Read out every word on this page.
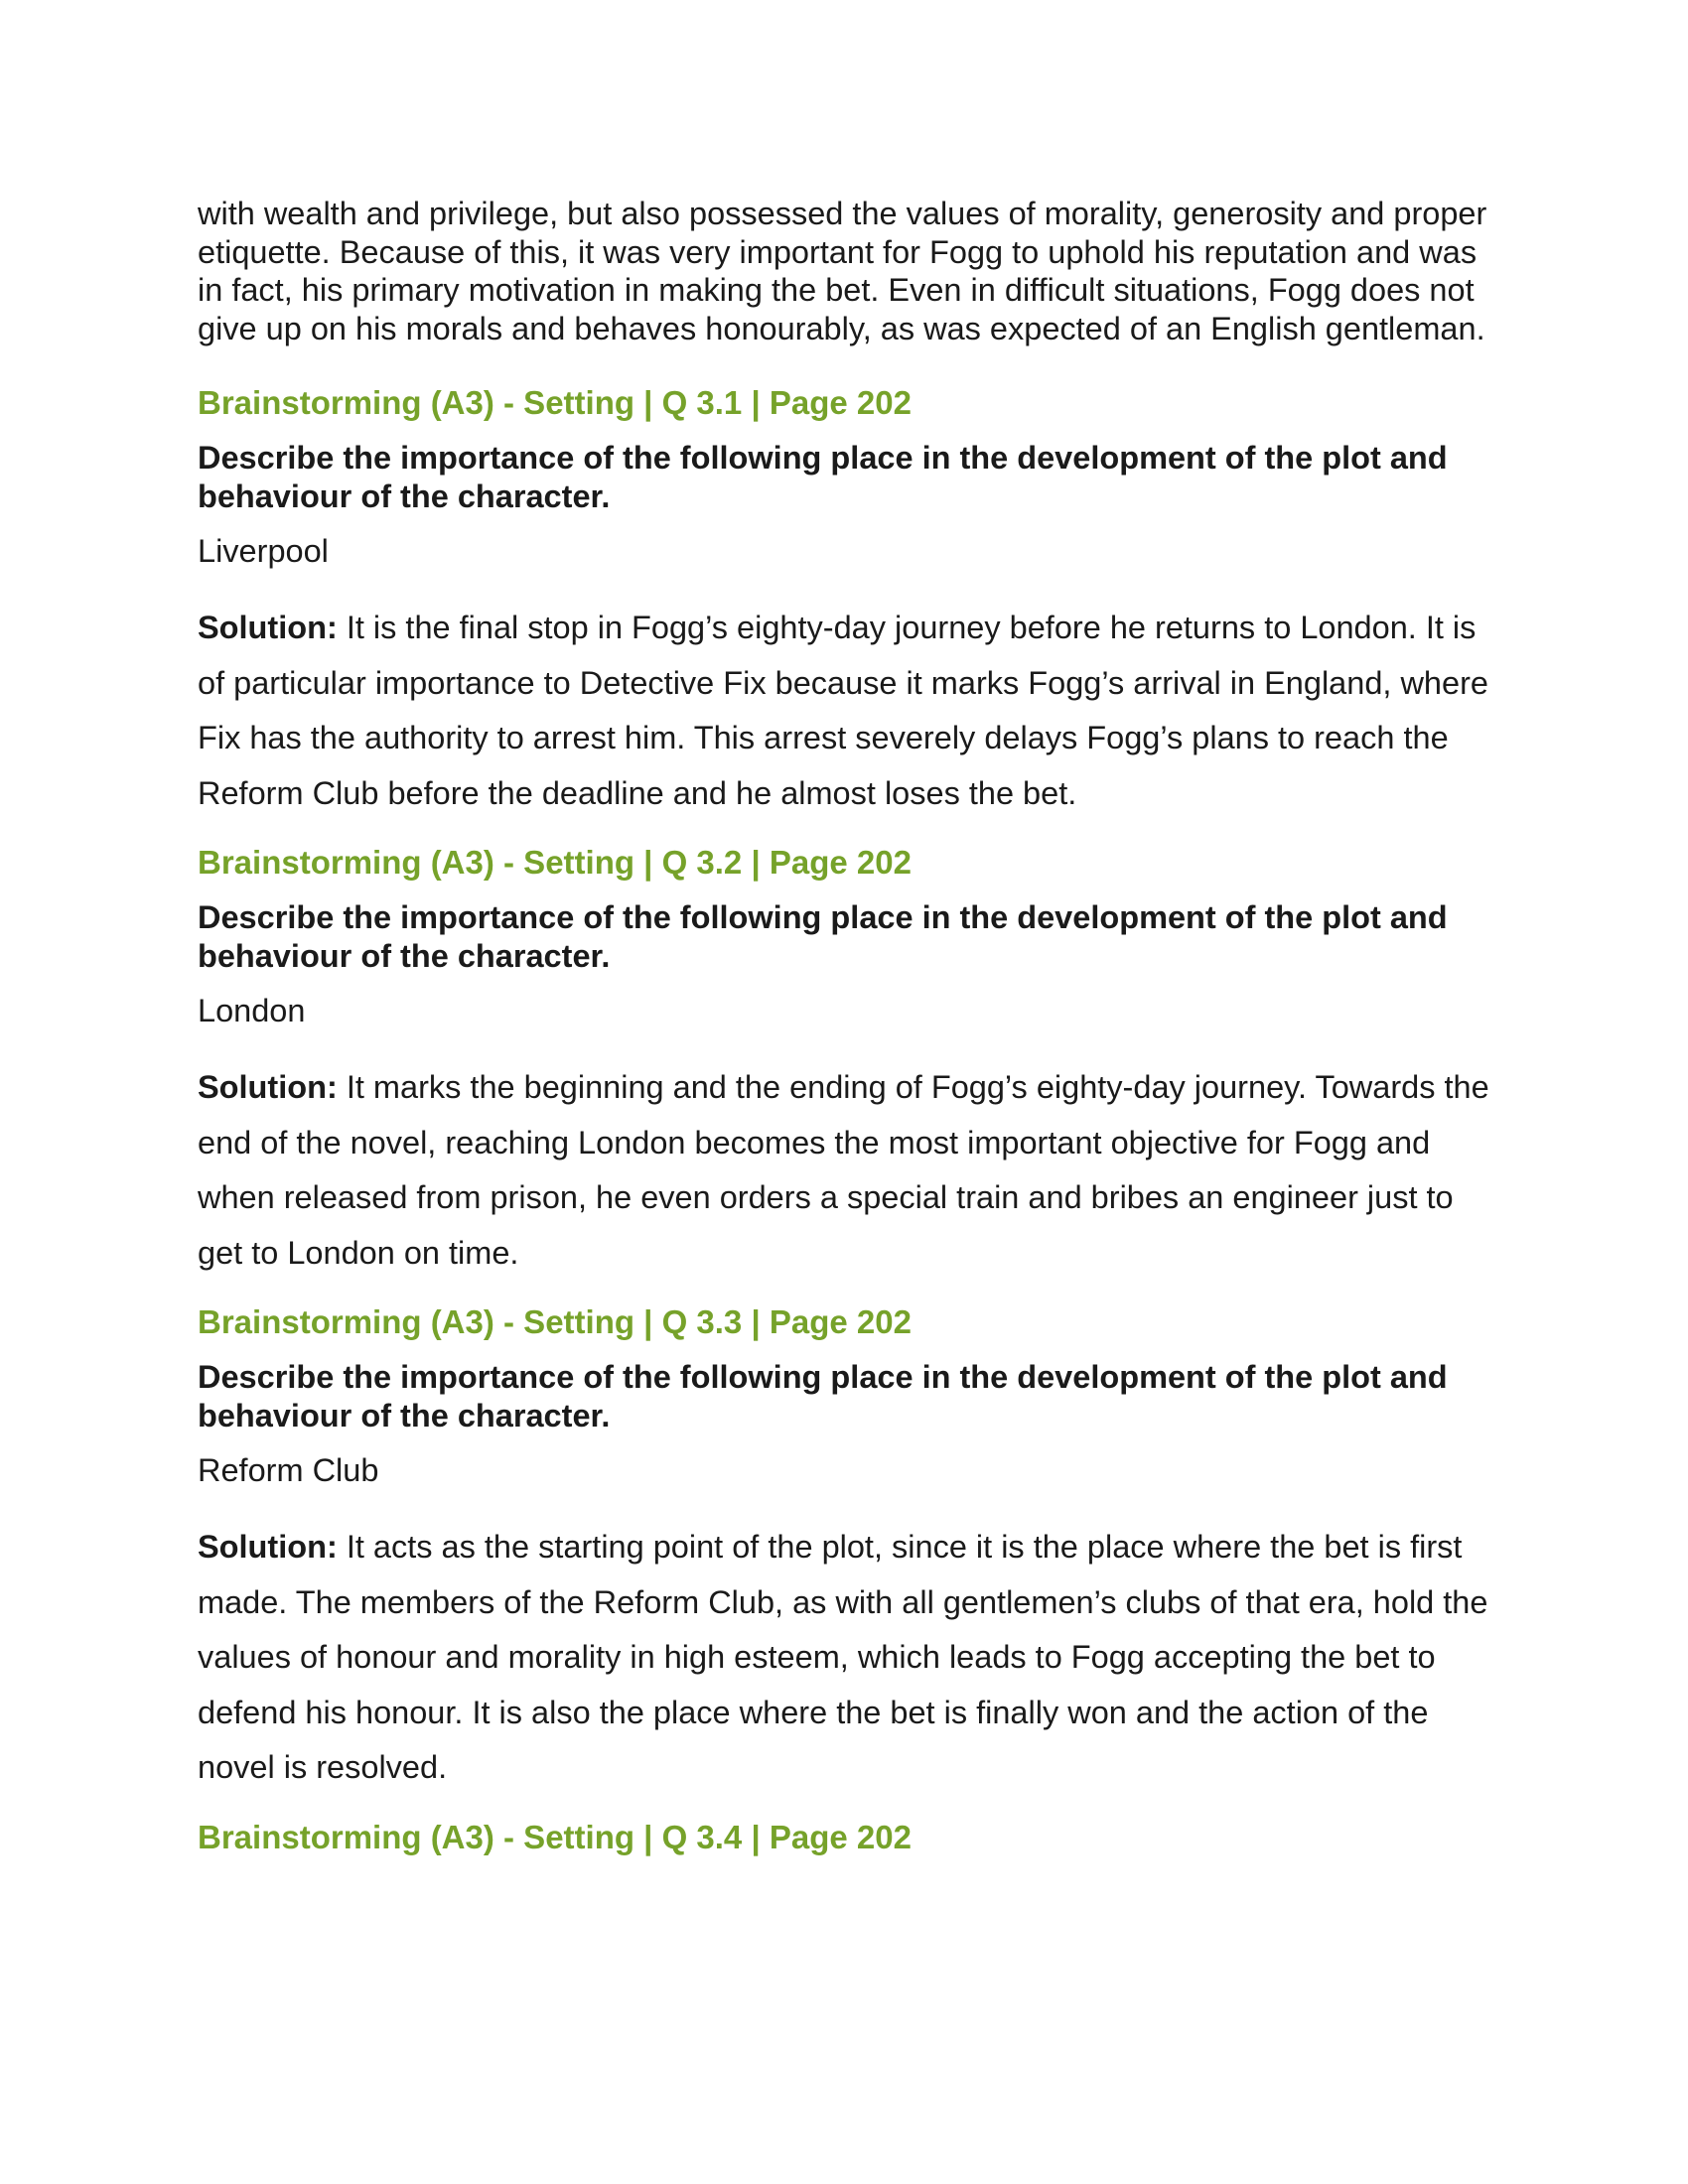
with wealth and privilege, but also possessed the values of morality, generosity and proper etiquette. Because of this, it was very important for Fogg to uphold his reputation and was in fact, his primary motivation in making the bet. Even in difficult situations, Fogg does not give up on his morals and behaves honourably, as was expected of an English gentleman.

Brainstorming (A3) - Setting | Q 3.1 | Page 202
Describe the importance of the following place in the development of the plot and behaviour of the character.
Liverpool

Solution: It is the final stop in Fogg’s eighty-day journey before he returns to London. It is of particular importance to Detective Fix because it marks Fogg’s arrival in England, where Fix has the authority to arrest him. This arrest severely delays Fogg’s plans to reach the Reform Club before the deadline and he almost loses the bet.

Brainstorming (A3) - Setting | Q 3.2 | Page 202
Describe the importance of the following place in the development of the plot and behaviour of the character.
London

Solution: It marks the beginning and the ending of Fogg’s eighty-day journey. Towards the end of the novel, reaching London becomes the most important objective for Fogg and when released from prison, he even orders a special train and bribes an engineer just to get to London on time.

Brainstorming (A3) - Setting | Q 3.3 | Page 202
Describe the importance of the following place in the development of the plot and behaviour of the character.
Reform Club

Solution: It acts as the starting point of the plot, since it is the place where the bet is first made. The members of the Reform Club, as with all gentlemen’s clubs of that era, hold the values of honour and morality in high esteem, which leads to Fogg accepting the bet to defend his honour. It is also the place where the bet is finally won and the action of the novel is resolved.

Brainstorming (A3) - Setting | Q 3.4 | Page 202
